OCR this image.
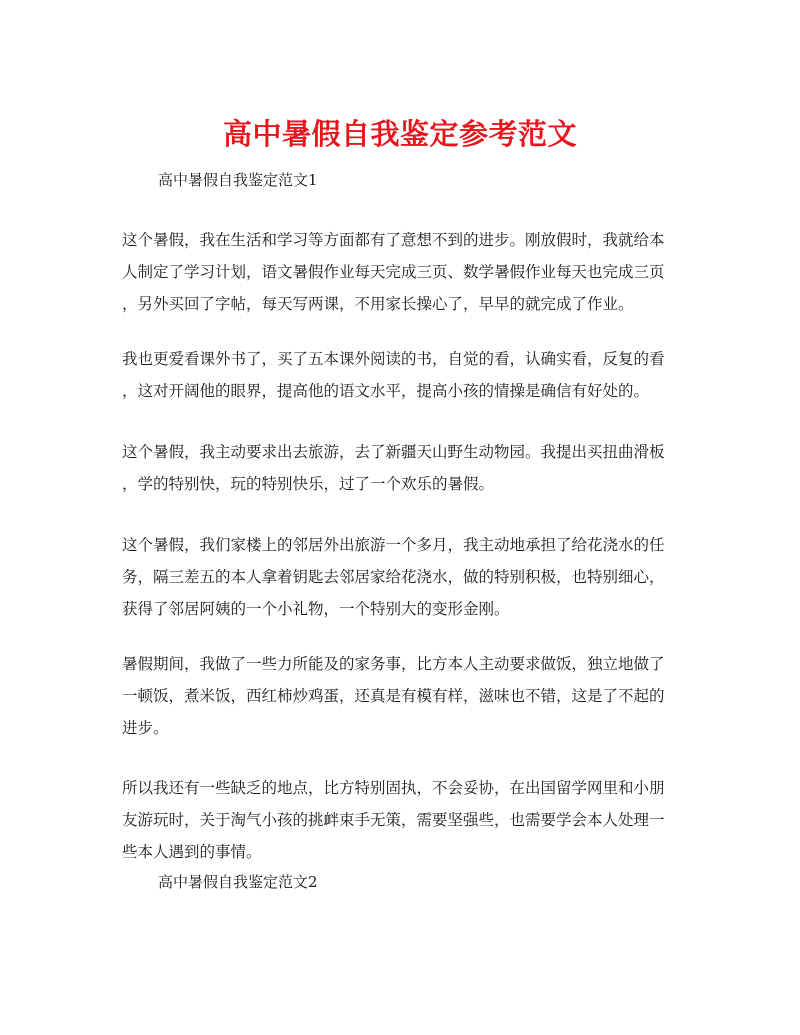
高中暑假自我鉴定参考范文
高中暑假自我鉴定范文1
这个暑假，我在生活和学习等方面都有了意想不到的进步。刚放假时，我就给本
人制定了学习计划，语文暑假作业每天完成三页、数学暑假作业每天也完成三页
，另外买回了字帖，每天写两课，不用家长操心了，早早的就完成了作业。
我也更爱看课外书了，买了五本课外阅读的书，自觉的看，认确实看，反复的看
，这对开阔他的眼界，提高他的语文水平，提高小孩的情操是确信有好处的。
这个暑假，我主动要求出去旅游，去了新疆天山野生动物园。我提出买扭曲滑板
，学的特别快，玩的特别快乐，过了一个欢乐的暑假。
这个暑假，我们家楼上的邻居外出旅游一个多月，我主动地承担了给花浇水的任
务，隔三差五的本人拿着钥匙去邻居家给花浇水，做的特别积极，也特别细心，
获得了邻居阿姨的一个小礼物，一个特别大的变形金刚。
暑假期间，我做了一些力所能及的家务事，比方本人主动要求做饭，独立地做了
一顿饭，煮米饭，西红柿炒鸡蛋，还真是有模有样，滋味也不错，这是了不起的
进步。
所以我还有一些缺乏的地点，比方特别固执，不会妥协，在出国留学网里和小朋
友游玩时，关于淘气小孩的挑衅束手无策，需要坚强些，也需要学会本人处理一
些本人遇到的事情。
高中暑假自我鉴定范文2
